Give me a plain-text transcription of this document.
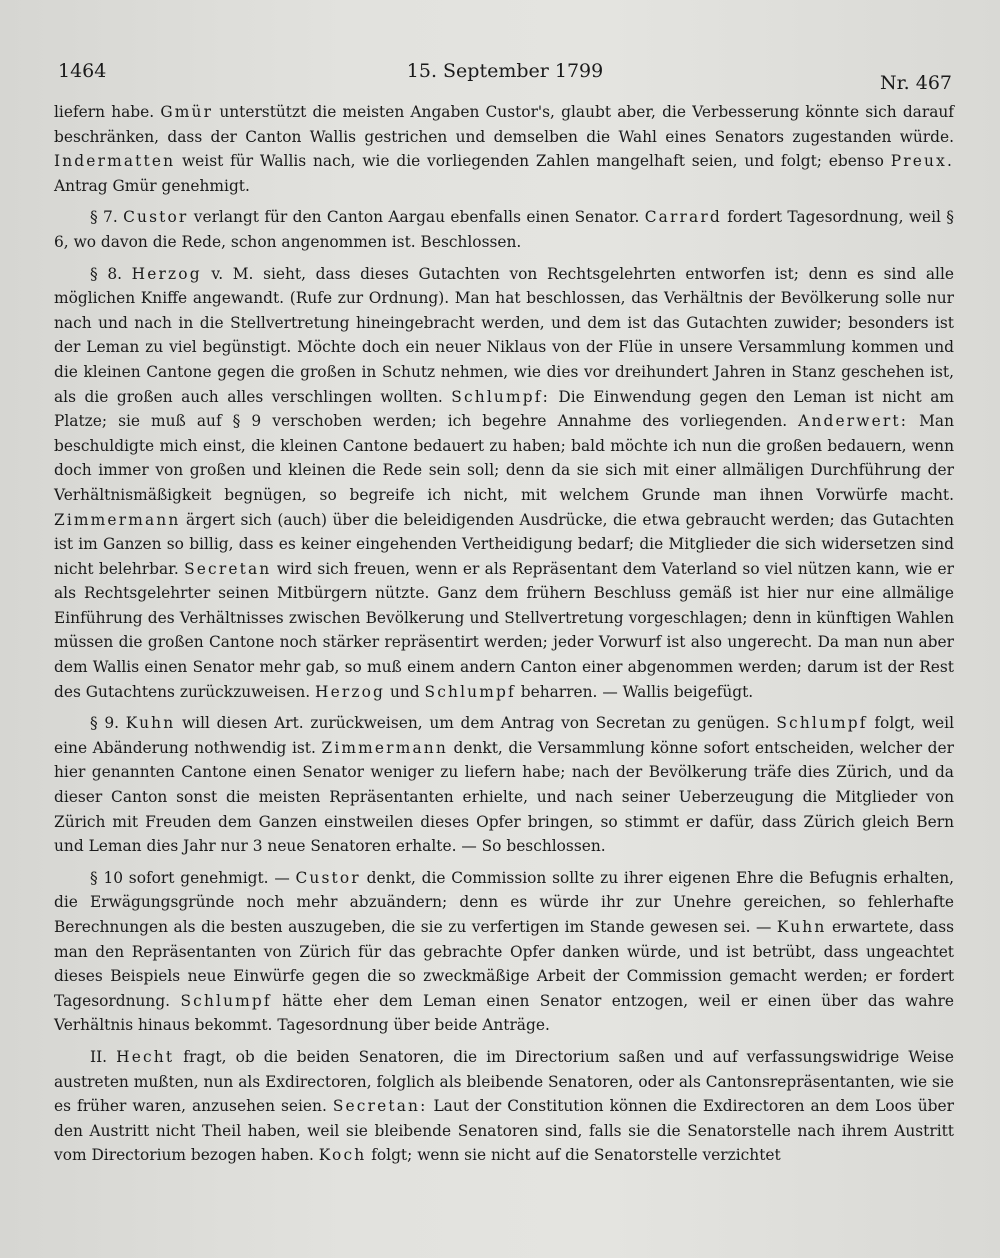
1464	15. September 1799
Nr. 467

liefern habe. Gmür unterstützt die meisten Angaben Custor's, glaubt aber, die Verbesserung könnte sich darauf beschränken, dass der Canton Wallis gestrichen und demselben die Wahl eines Senators zugestanden würde. Indermatten weist für Wallis nach, wie die vorliegenden Zahlen mangelhaft seien, und folgt; ebenso Preux. Antrag Gmür genehmigt.

§ 7. Custor verlangt für den Canton Aargau ebenfalls einen Senator. Carrard fordert Tagesordnung, weil § 6, wo davon die Rede, schon angenommen ist. Beschlossen.

§ 8. Herzog v. M. sieht, dass dieses Gutachten von Rechtsgelehrten entworfen ist; denn es sind alle möglichen Kniffe angewandt. (Rufe zur Ordnung). Man hat beschlossen, das Verhältnis der Bevölkerung solle nur nach und nach in die Stellvertretung hineingebracht werden, und dem ist das Gutachten zuwider; besonders ist der Leman zu viel begünstigt. Möchte doch ein neuer Niklaus von der Flüe in unsere Versammlung kommen und die kleinen Cantone gegen die großen in Schutz nehmen, wie dies vor dreihundert Jahren in Stanz geschehen ist, als die großen auch alles verschlingen wollten. Schlumpf: Die Einwendung gegen den Leman ist nicht am Platze; sie muß auf § 9 verschoben werden; ich begehre Annahme des vorliegenden. Anderwert: Man beschuldigte mich einst, die kleinen Cantone bedauert zu haben; bald möchte ich nun die großen bedauern, wenn doch immer von großen und kleinen die Rede sein soll; denn da sie sich mit einer allmäligen Durchführung der Verhältnismäßigkeit begnügen, so begreife ich nicht, mit welchem Grunde man ihnen Vorwürfe macht. Zimmermann ärgert sich (auch) über die beleidigenden Ausdrücke, die etwa gebraucht werden; das Gutachten ist im Ganzen so billig, dass es keiner eingehenden Vertheidigung bedarf; die Mitglieder die sich widersetzen sind nicht belehrbar. Secretan wird sich freuen, wenn er als Repräsentant dem Vaterland so viel nützen kann, wie er als Rechtsgelehrter seinen Mitbürgern nützte. Ganz dem frühern Beschluss gemäß ist hier nur eine allmälige Einführung des Verhältnisses zwischen Bevölkerung und Stellvertretung vorgeschlagen; denn in künftigen Wahlen müssen die großen Cantone noch stärker repräsentirt werden; jeder Vorwurf ist also ungerecht. Da man nun aber dem Wallis einen Senator mehr gab, so muß einem andern Canton einer abgenommen werden; darum ist der Rest des Gutachtens zurückzuweisen. Herzog und Schlumpf beharren. — Wallis beigefügt.

§ 9. Kuhn will diesen Art. zurückweisen, um dem Antrag von Secretan zu genügen. Schlumpf folgt, weil eine Abänderung nothwendig ist. Zimmermann denkt, die Versammlung könne sofort entscheiden, welcher der hier genannten Cantone einen Senator weniger zu liefern habe; nach der Bevölkerung träfe dies Zürich, und da dieser Canton sonst die meisten Repräsentanten erhielte, und nach seiner Ueberzeugung die Mitglieder von Zürich mit Freuden dem Ganzen einstweilen dieses Opfer bringen, so stimmt er dafür, dass Zürich gleich Bern und Leman dies Jahr nur 3 neue Senatoren erhalte. — So beschlossen.

§ 10 sofort genehmigt. — Custor denkt, die Commission sollte zu ihrer eigenen Ehre die Befugnis erhalten, die Erwägungsgründe noch mehr abzuändern; denn es würde ihr zur Unehre gereichen, so fehlerhafte Berechnungen als die besten auszugeben, die sie zu verfertigen im Stande gewesen sei. — Kuhn erwartete, dass man den Repräsentanten von Zürich für das gebrachte Opfer danken würde, und ist betrübt, dass ungeachtet dieses Beispiels neue Einwürfe gegen die so zweckmäßige Arbeit der Commission gemacht werden; er fordert Tagesordnung. Schlumpf hätte eher dem Leman einen Senator entzogen, weil er einen über das wahre Verhältnis hinaus bekommt. Tagesordnung über beide Anträge.

II. Hecht fragt, ob die beiden Senatoren, die im Directorium saßen und auf verfassungswidrige Weise austreten mußten, nun als Exdirectoren, folglich als bleibende Senatoren, oder als Cantonsrepräsentanten, wie sie es früher waren, anzusehen seien. Secretan: Laut der Constitution können die Exdirectoren an dem Loos über den Austritt nicht Theil haben, weil sie bleibende Senatoren sind, falls sie die Senatorstelle nach ihrem Austritt vom Directorium bezogen haben. Koch folgt; wenn sie nicht auf die Senatorstelle verzichtet
